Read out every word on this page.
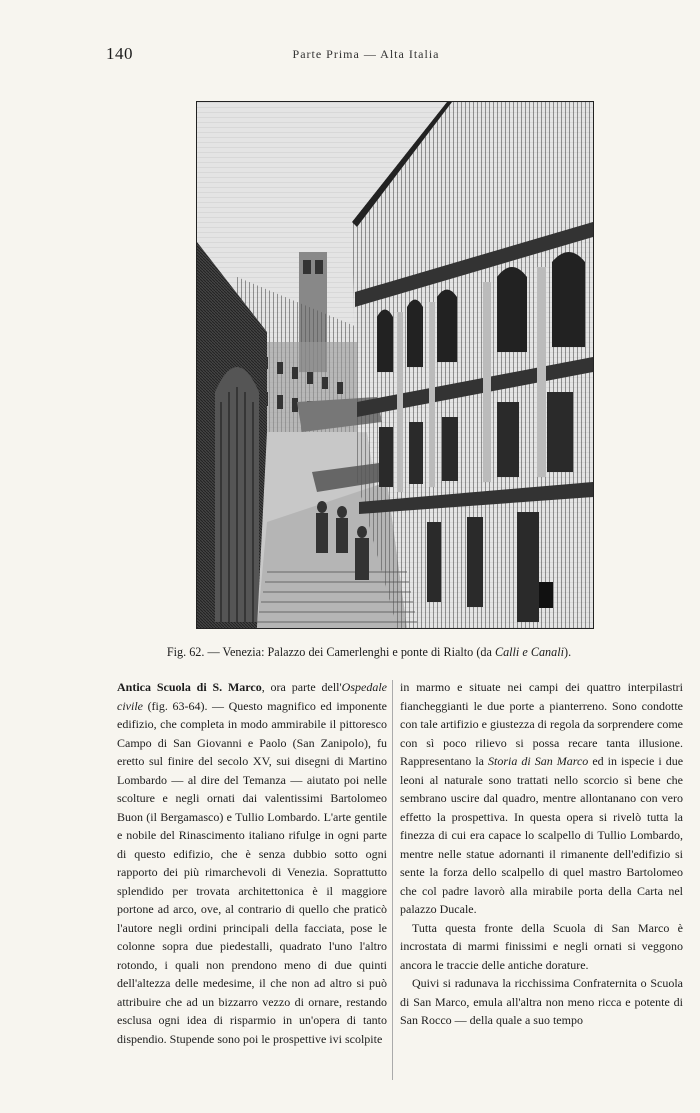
140	Parte Prima — Alta Italia
Fig. 62. — Venezia: Palazzo dei Camerlenghi e ponte di Rialto (da Calli e Canali).

Antica Scuola di S. Marco, ora parte dell'Ospedale civile (fig. 63-64). — Questo magnifico ed imponente edifizio, che completa in modo ammirabile il pittoresco Campo di San Giovanni e Paolo (San Zanipolo), fu eretto sul finire del secolo XV, sui disegni di Martino Lombardo — al dire del Temanza — aiutato poi nelle scolture e negli ornati dai valentissimi Bartolomeo Buon (il Bergamasco) e Tullio Lombardo. L'arte gentile e nobile del Rinascimento italiano rifulge in ogni parte di questo edifizio, che è senza dubbio sotto ogni rapporto dei più rimarchevoli di Venezia. Soprattutto splendido per trovata architettonica è il maggiore portone ad arco, ove, al contrario di quello che praticò l'autore negli ordini principali della facciata, pose le colonne sopra due piedestalli, quadrato l'uno l'altro rotondo, i quali non prendono meno di due quinti dell'altezza delle medesime, il che non ad altro si può attribuire che ad un bizzarro vezzo di ornare, restando esclusa ogni idea di risparmio in un'opera di tanto dispendio. Stupende sono poi le prospettive ivi scolpite

in marmo e situate nei campi dei quattro interpilastri fiancheggianti le due porte a pianterreno. Sono condotte con tale artifizio e giustezza di regola da sorprendere come con sì poco rilievo si possa recare tanta illusione. Rappresentano la Storia di San Marco ed in ispecie i due leoni al naturale sono trattati nello scorcio sì bene che sembrano uscire dal quadro, mentre allontanano con vero effetto la prospettiva. In questa opera si rivelò tutta la finezza di cui era capace lo scalpello di Tullio Lombardo, mentre nelle statue adornanti il rimanente dell'edifizio si sente la forza dello scalpello di quel mastro Bartolomeo che col padre lavorò alla mirabile porta della Carta nel palazzo Ducale.

Tutta questa fronte della Scuola di San Marco è incrostata di marmi finissimi e negli ornati si veggono ancora le traccie delle antiche dorature.

Quivi si radunava la ricchissima Confraternita o Scuola di San Marco, emula all'altra non meno ricca e potente di San Rocco — della quale a suo tempo
